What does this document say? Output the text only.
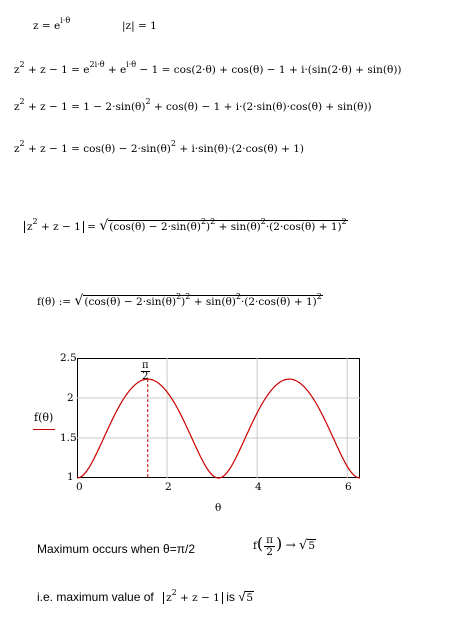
$z = e^{i\cdot\theta}$	|z| = 1
$z^2 + z - 1 = e^{2i\cdot\theta} + e^{i\cdot\theta} - 1 = \cos(2\cdot\theta) + \cos(\theta) - 1 + i\cdot(\sin(2\cdot\theta) + \sin(\theta))$
$z^2 + z - 1 = 1 - 2\cdot\sin(\theta)^2 + \cos(\theta) - 1 + i\cdot(2\cdot\sin(\theta)\cdot\cos(\theta) + \sin(\theta))$
$z^2 + z - 1 = \cos(\theta) - 2\cdot\sin(\theta)^2 + i\cdot\sin(\theta)\cdot(2\cdot\cos(\theta) + 1)$
$z^2 + z - 1 = √(\cos(\theta) - 2\cdot\sin(\theta)^2)^2 + \sin(\theta)^2\cdot(2\cdot\cos(\theta) + 1)^2$
f(θ) := $√(\cos(\theta) - 2\cdot\sin(\theta)^2)^2 + \sin(\theta)^2\cdot(2\cdot\cos(\theta) + 1)^2$
f(θ)
2.5
2
1.5
1
$\frac{\pi}{2}$
0	2	4	6
θ
Maximum occurs when θ=π/2	$f( \frac{\pi}{2}$ ) → √5
i.e. maximum value of $z^2 + z - 1$ is √5
